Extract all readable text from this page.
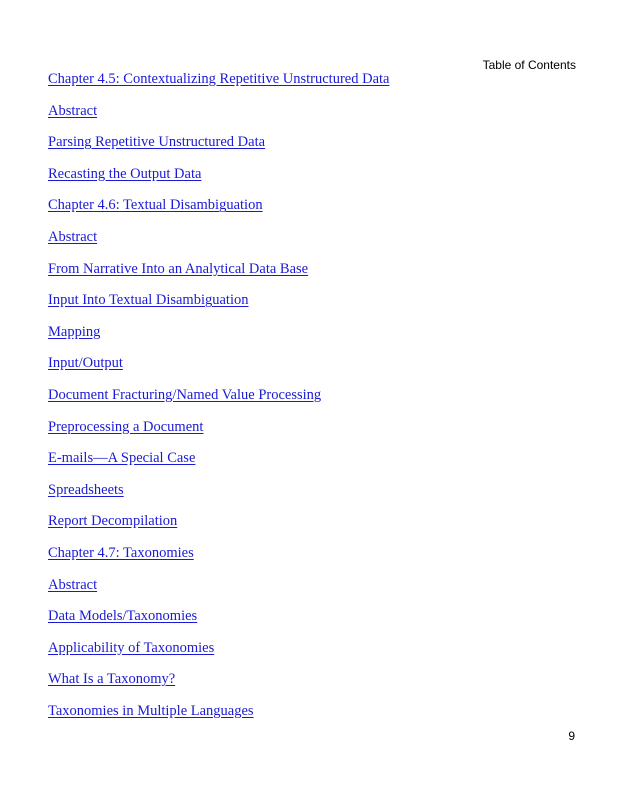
Table of Contents
Chapter 4.5: Contextualizing Repetitive Unstructured Data
Abstract
Parsing Repetitive Unstructured Data
Recasting the Output Data
Chapter 4.6: Textual Disambiguation
Abstract
From Narrative Into an Analytical Data Base
Input Into Textual Disambiguation
Mapping
Input/Output
Document Fracturing/Named Value Processing
Preprocessing a Document
E-mails—A Special Case
Spreadsheets
Report Decompilation
Chapter 4.7: Taxonomies
Abstract
Data Models/Taxonomies
Applicability of Taxonomies
What Is a Taxonomy?
Taxonomies in Multiple Languages
9
